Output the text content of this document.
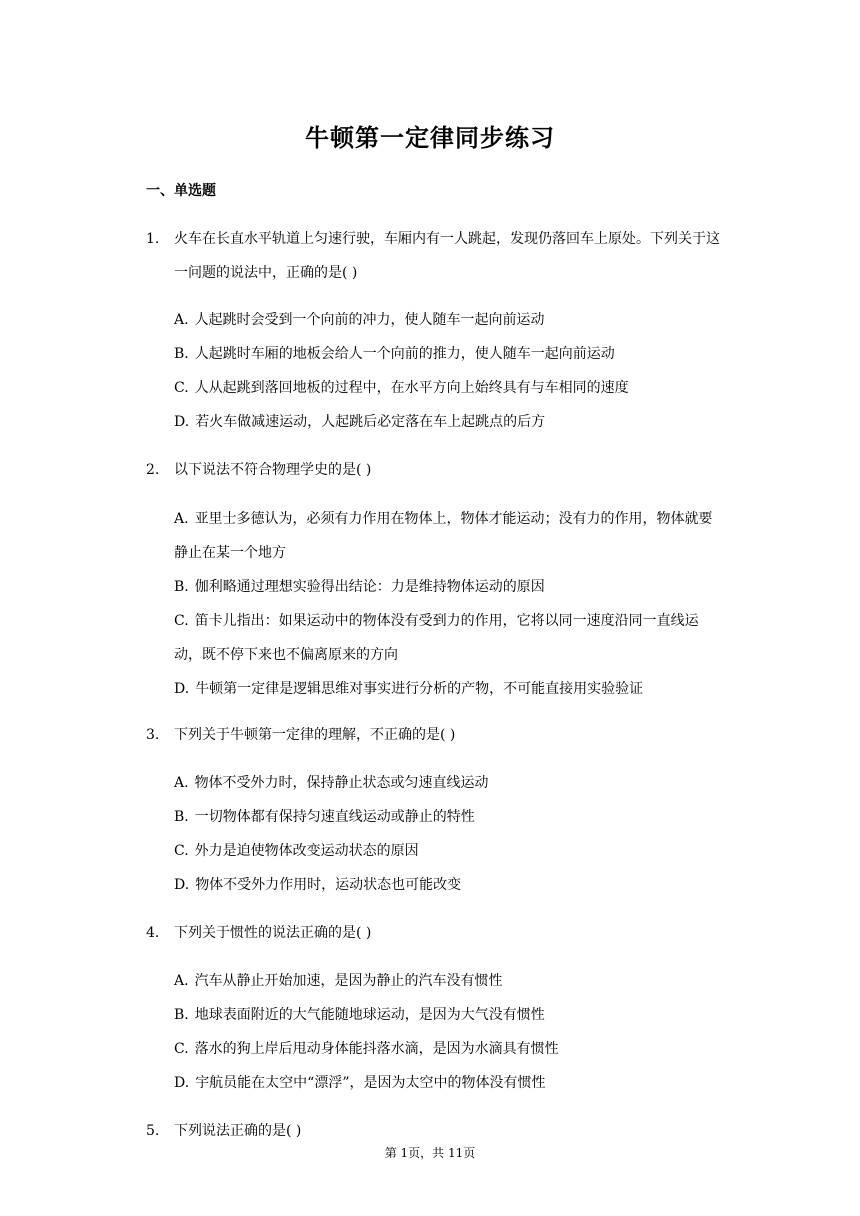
牛顿第一定律同步练习
一、单选题
1. 火车在长直水平轨道上匀速行驶，车厢内有一人跳起，发现仍落回车上原处。下列关于这一问题的说法中，正确的是( )
A. 人起跳时会受到一个向前的冲力，使人随车一起向前运动
B. 人起跳时车厢的地板会给人一个向前的推力，使人随车一起向前运动
C. 人从起跳到落回地板的过程中，在水平方向上始终具有与车相同的速度
D. 若火车做减速运动，人起跳后必定落在车上起跳点的后方
2. 以下说法不符合物理学史的是( )
A. 亚里士多德认为，必须有力作用在物体上，物体才能运动；没有力的作用，物体就要静止在某一个地方
B. 伽利略通过理想实验得出结论：力是维持物体运动的原因
C. 笛卡儿指出：如果运动中的物体没有受到力的作用，它将以同一速度沿同一直线运动，既不停下来也不偏离原来的方向
D. 牛顿第一定律是逻辑思维对事实进行分析的产物，不可能直接用实验验证
3. 下列关于牛顿第一定律的理解，不正确的是( )
A. 物体不受外力时，保持静止状态或匀速直线运动
B. 一切物体都有保持匀速直线运动或静止的特性
C. 外力是迫使物体改变运动状态的原因
D. 物体不受外力作用时，运动状态也可能改变
4. 下列关于惯性的说法正确的是( )
A. 汽车从静止开始加速，是因为静止的汽车没有惯性
B. 地球表面附近的大气能随地球运动，是因为大气没有惯性
C. 落水的狗上岸后甩动身体能抖落水滴，是因为水滴具有惯性
D. 宇航员能在太空中“漂浮”，是因为太空中的物体没有惯性
5. 下列说法正确的是( )
第 1页，共 11页
